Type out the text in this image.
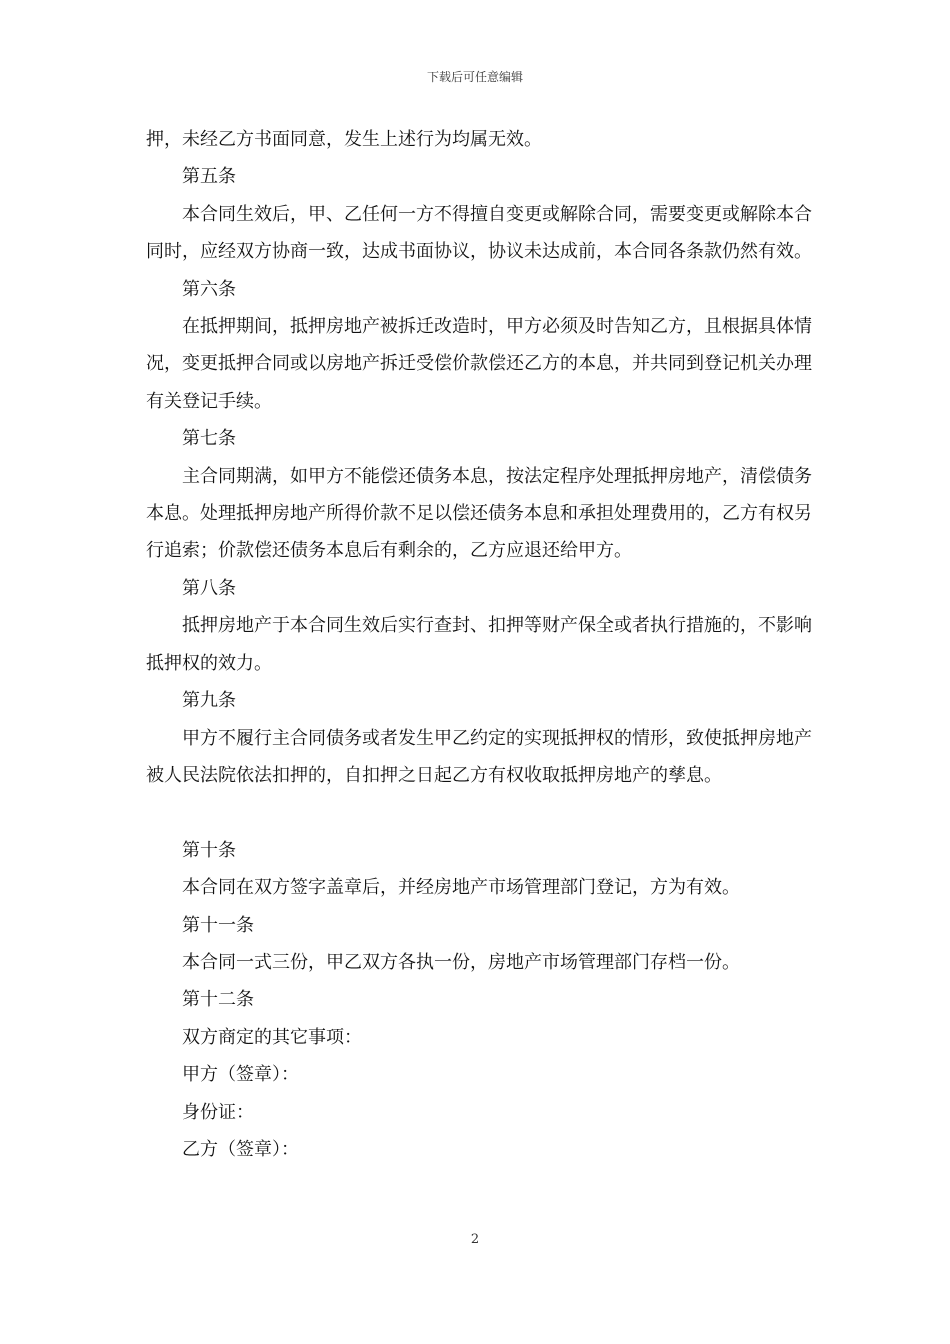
下载后可任意编辑

押，未经乙方书面同意，发生上述行为均属无效。

第五条

本合同生效后，甲、乙任何一方不得擅自变更或解除合同，需要变更或解除本合同时，应经双方协商一致，达成书面协议，协议未达成前，本合同各条款仍然有效。

第六条

在抵押期间，抵押房地产被拆迁改造时，甲方必须及时告知乙方，且根据具体情况，变更抵押合同或以房地产拆迁受偿价款偿还乙方的本息，并共同到登记机关办理有关登记手续。

第七条

主合同期满，如甲方不能偿还债务本息，按法定程序处理抵押房地产，清偿债务本息。处理抵押房地产所得价款不足以偿还债务本息和承担处理费用的，乙方有权另行追索；价款偿还债务本息后有剩余的，乙方应退还给甲方。

第八条

抵押房地产于本合同生效后实行查封、扣押等财产保全或者执行措施的，不影响抵押权的效力。

第九条

甲方不履行主合同债务或者发生甲乙约定的实现抵押权的情形，致使抵押房地产被人民法院依法扣押的，自扣押之日起乙方有权收取抵押房地产的孳息。

第十条

本合同在双方签字盖章后，并经房地产市场管理部门登记，方为有效。

第十一条

本合同一式三份，甲乙双方各执一份，房地产市场管理部门存档一份。

第十二条

双方商定的其它事项：

甲方（签章）：

身份证：

乙方（签章）：

2
